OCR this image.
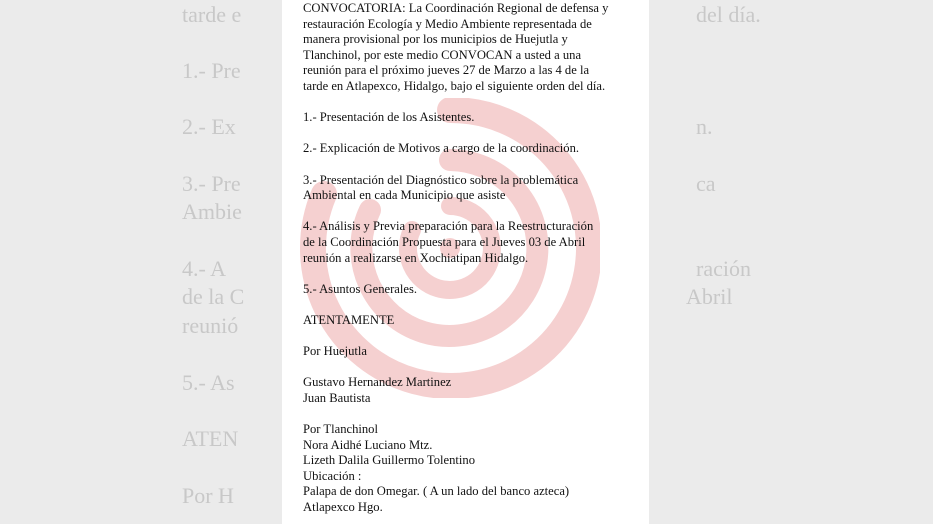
tarde e
1.- Pre
2.- Ex
3.- Pre
Ambie
4.- A
de la C
reunió
5.- As
ATEN
Por H
del día.
n.
ca
ración
Abril

CONVOCATORIA: La Coordinación Regional de defensa y

restauración Ecología y Medio Ambiente representada de

manera provisional por los municipios de Huejutla y

Tlanchinol, por este medio CONVOCAN a usted a una

reunión para el próximo jueves 27 de Marzo a las 4 de la

tarde en Atlapexco, Hidalgo, bajo el siguiente orden del día.

1.- Presentación de los Asistentes.

2.- Explicación de Motivos a cargo de la coordinación.

3.- Presentación del Diagnóstico sobre la problemática

Ambiental en cada Municipio que asiste

4.- Análisis y Previa preparación para la Reestructuración

de la Coordinación Propuesta para el Jueves 03 de Abril

reunión a realizarse en Xochiatipan Hidalgo.

5.- Asuntos Generales.

ATENTAMENTE

Por Huejutla

Gustavo Hernandez Martinez

Juan Bautista

Por Tlanchinol

Nora Aidhé Luciano Mtz.

Lizeth Dalila Guillermo Tolentino

Ubicación :

Palapa de don Omegar. ( A un lado del banco azteca)

Atlapexco Hgo.
